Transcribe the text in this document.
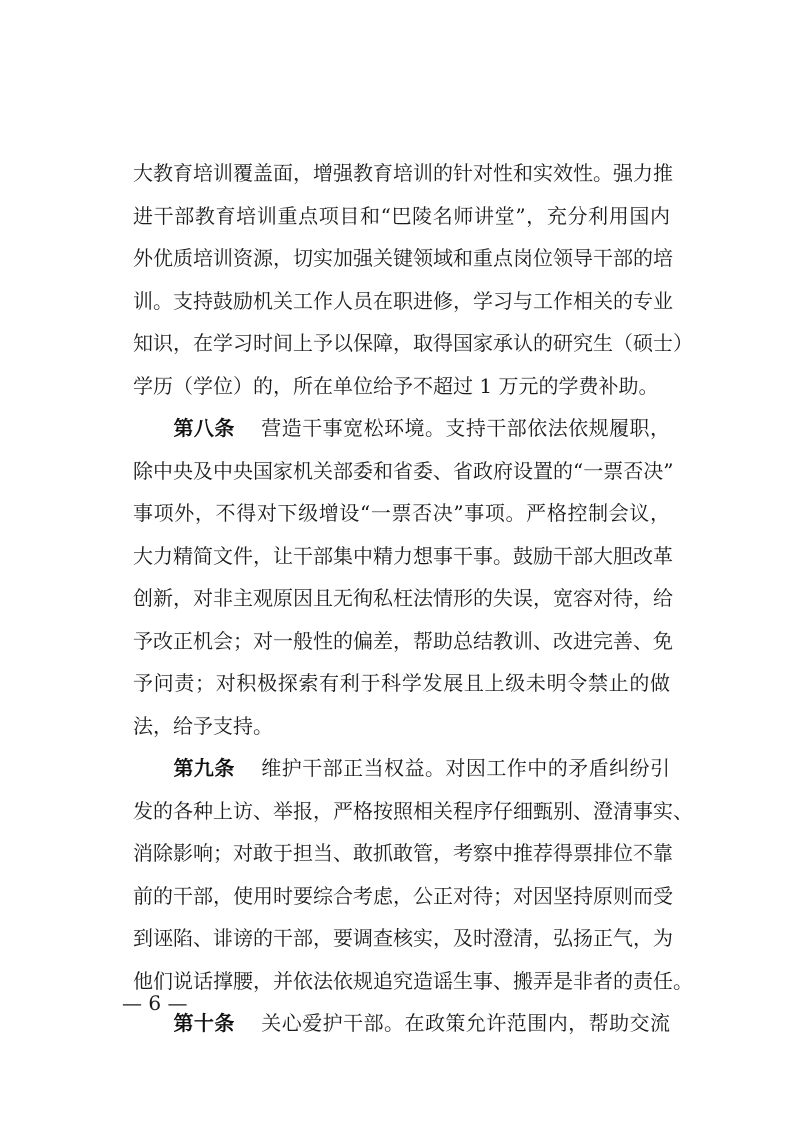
大教育培训覆盖面，增强教育培训的针对性和实效性。强力推
进干部教育培训重点项目和“巴陵名师讲堂”，充分利用国内
外优质培训资源，切实加强关键领域和重点岗位领导干部的培
训。支持鼓励机关工作人员在职进修，学习与工作相关的专业
知识，在学习时间上予以保障，取得国家承认的研究生（硕士）
学历（学位）的，所在单位给予不超过 1 万元的学费补助。
第八条 营造干事宽松环境。支持干部依法依规履职，
除中央及中央国家机关部委和省委、省政府设置的“一票否决”
事项外，不得对下级增设“一票否决”事项。严格控制会议，
大力精简文件，让干部集中精力想事干事。鼓励干部大胆改革
创新，对非主观原因且无徇私枉法情形的失误，宽容对待，给
予改正机会；对一般性的偏差，帮助总结教训、改进完善、免
予问责；对积极探索有利于科学发展且上级未明令禁止的做
法，给予支持。
第九条 维护干部正当权益。对因工作中的矛盾纠纷引
发的各种上访、举报，严格按照相关程序仔细甄别、澄清事实、
消除影响；对敢于担当、敢抓敢管，考察中推荐得票排位不靠
前的干部，使用时要综合考虑，公正对待；对因坚持原则而受
到诬陷、诽谤的干部，要调查核实，及时澄清，弘扬正气，为
他们说话撑腰，并依法依规追究造谣生事、搬弄是非者的责任。
第十条 关心爱护干部。在政策允许范围内，帮助交流
— 6 —
